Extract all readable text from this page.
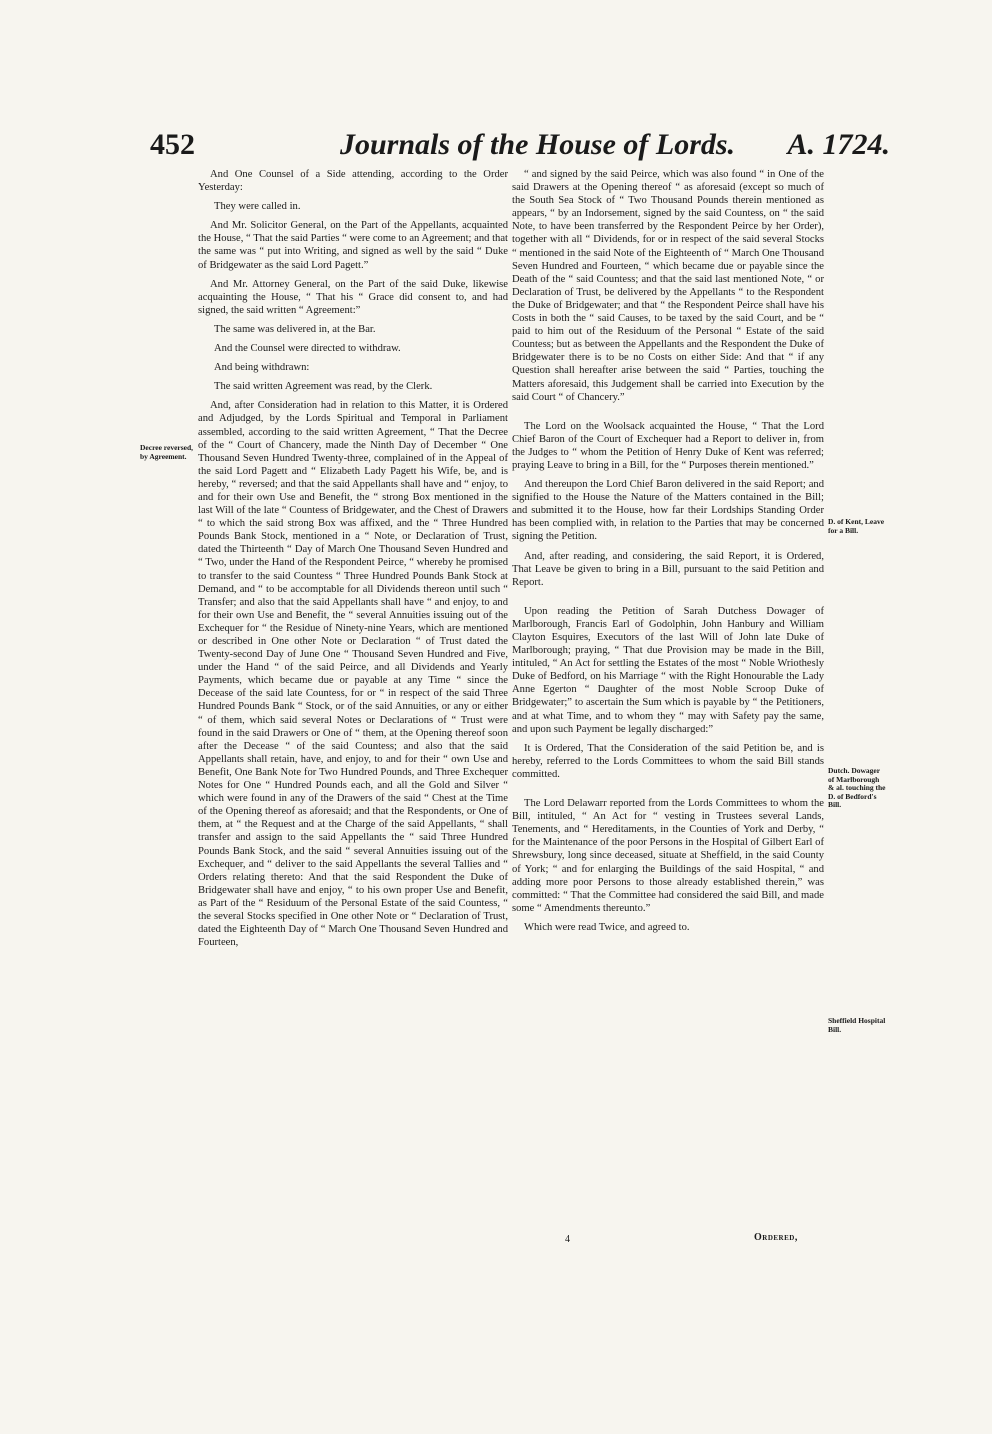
452	Journals of the House of Lords. A. 1724.

And One Counsel of a Side attending, according to the Order Yesterday:

They were called in.

And Mr. Solicitor General, on the Part of the Appellants, acquainted the House, “ That the said Parties “ were come to an Agreement; and that the same was “ put into Writing, and signed as well by the said “ Duke of Bridgewater as the said Lord Pagett.”

And Mr. Attorney General, on the Part of the said Duke, likewise acquainting the House, “ That his “ Grace did consent to, and had signed, the said written “ Agreement:”

The same was delivered in, at the Bar.

And the Counsel were directed to withdraw.

And being withdrawn:

The said written Agreement was read, by the Clerk.

And, after Consideration had in relation to this Matter, it is Ordered and Adjudged, by the Lords Spiritual and Temporal in Parliament assembled, according to the said written Agreement, “ That the Decree of the “ Court of Chancery, made the Ninth Day of December “ One Thousand Seven Hundred Twenty-three, complained of in the Appeal of the said Lord Pagett and “ Elizabeth Lady Pagett his Wife, be, and is hereby, “ reversed; and that the said Appellants shall have and “ enjoy, to and for their own Use and Benefit, the “ strong Box mentioned in the last Will of the late “ Countess of Bridgewater, and the Chest of Drawers “ to which the said strong Box was affixed, and the “ Three Hundred Pounds Bank Stock, mentioned in a “ Note, or Declaration of Trust, dated the Thirteenth “ Day of March One Thousand Seven Hundred and “ Two, under the Hand of the Respondent Peirce, “ whereby he promised to transfer to the said Countess “ Three Hundred Pounds Bank Stock at Demand, and “ to be accomptable for all Dividends thereon until such “ Transfer; and also that the said Appellants shall have “ and enjoy, to and for their own Use and Benefit, the “ several Annuities issuing out of the Exchequer for “ the Residue of Ninety-nine Years, which are mentioned or described in One other Note or Declaration “ of Trust dated the Twenty-second Day of June One “ Thousand Seven Hundred and Five, under the Hand “ of the said Peirce, and all Dividends and Yearly Payments, which became due or payable at any Time “ since the Decease of the said late Countess, for or “ in respect of the said Three Hundred Pounds Bank “ Stock, or of the said Annuities, or any or either “ of them, which said several Notes or Declarations of “ Trust were found in the said Drawers or One of “ them, at the Opening thereof soon after the Decease “ of the said Countess; and also that the said Appellants shall retain, have, and enjoy, to and for their “ own Use and Benefit, One Bank Note for Two Hundred Pounds, and Three Exchequer Notes for One “ Hundred Pounds each, and all the Gold and Silver “ which were found in any of the Drawers of the said “ Chest at the Time of the Opening thereof as aforesaid; and that the Respondents, or One of them, at “ the Request and at the Charge of the said Appellants, “ shall transfer and assign to the said Appellants the “ said Three Hundred Pounds Bank Stock, and the said “ several Annuities issuing out of the Exchequer, and “ deliver to the said Appellants the several Tallies and “ Orders relating thereto: And that the said Respondent the Duke of Bridgewater shall have and enjoy, “ to his own proper Use and Benefit, as Part of the “ Residuum of the Personal Estate of the said Countess, “ the several Stocks specified in One other Note or “ Declaration of Trust, dated the Eighteenth Day of “ March One Thousand Seven Hundred and Fourteen,

Decree reversed, by Agreement.

“ and signed by the said Peirce, which was also found “ in One of the said Drawers at the Opening thereof “ as aforesaid (except so much of the South Sea Stock of “ Two Thousand Pounds therein mentioned as appears, “ by an Indorsement, signed by the said Countess, on “ the said Note, to have been transferred by the Respondent Peirce by her Order), together with all “ Dividends, for or in respect of the said several Stocks “ mentioned in the said Note of the Eighteenth of “ March One Thousand Seven Hundred and Fourteen, “ which became due or payable since the Death of the “ said Countess; and that the said last mentioned Note, “ or Declaration of Trust, be delivered by the Appellants “ to the Respondent the Duke of Bridgewater; and that “ the Respondent Peirce shall have his Costs in both the “ said Causes, to be taxed by the said Court, and be “ paid to him out of the Residuum of the Personal “ Estate of the said Countess; but as between the Appellants and the Respondent the Duke of Bridgewater there is to be no Costs on either Side: And that “ if any Question shall hereafter arise between the said “ Parties, touching the Matters aforesaid, this Judgement shall be carried into Execution by the said Court “ of Chancery.”

The Lord on the Woolsack acquainted the House, “ That the Lord Chief Baron of the Court of Exchequer had a Report to deliver in, from the Judges to “ whom the Petition of Henry Duke of Kent was referred; praying Leave to bring in a Bill, for the “ Purposes therein mentioned.”

And thereupon the Lord Chief Baron delivered in the said Report; and signified to the House the Nature of the Matters contained in the Bill; and submitted it to the House, how far their Lordships Standing Order has been complied with, in relation to the Parties that may be concerned signing the Petition.

And, after reading, and considering, the said Report, it is Ordered, That Leave be given to bring in a Bill, pursuant to the said Petition and Report.

Upon reading the Petition of Sarah Dutchess Dowager of Marlborough, Francis Earl of Godolphin, John Hanbury and William Clayton Esquires, Executors of the last Will of John late Duke of Marlborough; praying, “ That due Provision may be made in the Bill, intituled, “ An Act for settling the Estates of the most “ Noble Wriothesly Duke of Bedford, on his Marriage “ with the Right Honourable the Lady Anne Egerton “ Daughter of the most Noble Scroop Duke of Bridgewater;” to ascertain the Sum which is payable by “ the Petitioners, and at what Time, and to whom they “ may with Safety pay the same, and upon such Payment be legally discharged:”

It is Ordered, That the Consideration of the said Petition be, and is hereby, referred to the Lords Committees to whom the said Bill stands committed.

The Lord Delawarr reported from the Lords Committees to whom the Bill, intituled, “ An Act for “ vesting in Trustees several Lands, Tenements, and “ Hereditaments, in the Counties of York and Derby, “ for the Maintenance of the poor Persons in the Hospital of Gilbert Earl of Shrewsbury, long since deceased, situate at Sheffield, in the said County of York; “ and for enlarging the Buildings of the said Hospital, “ and adding more poor Persons to those already established therein,” was committed: “ That the Committee had considered the said Bill, and made some “ Amendments thereunto.”

Which were read Twice, and agreed to.

D. of Kent, Leave for a Bill.
Dutch. Dowager of Marlborough & al. touching the D. of Bedford's Bill.
Sheffield Hospital Bill.
4	Ordered,
